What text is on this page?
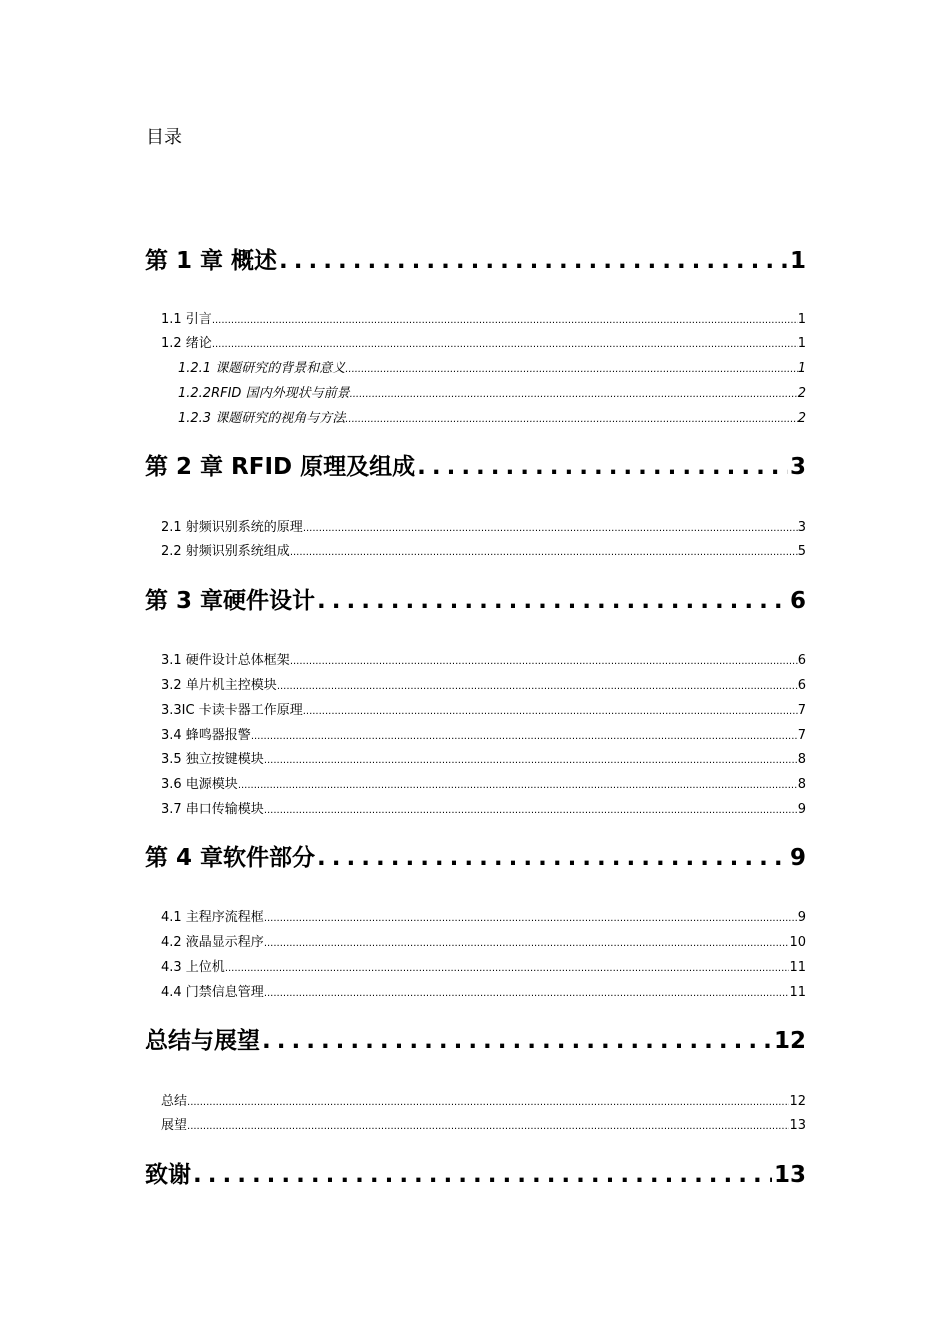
目录
第 1 章 概述 .....	1
1.1 引言 .....	1
1.2 绪论 .....	1
1.2.1 课题研究的背景和意义 .....	1
1.2.2RFID 国内外现状与前景 .....	2
1.2.3 课题研究的视角与方法 .....	2
第 2 章 RFID 原理及组成 .....	3
2.1 射频识别系统的原理 .....	3
2.2 射频识别系统组成 .....	5
第 3 章硬件设计 .....	6
3.1 硬件设计总体框架 .....	6
3.2 单片机主控模块 .....	6
3.3IC 卡读卡器工作原理 .....	7
3.4 蜂鸣器报警 .....	7
3.5 独立按键模块 .....	8
3.6 电源模块 .....	8
3.7 串口传输模块 .....	9
第 4 章软件部分 .....	9
4.1 主程序流程框 .....	9
4.2 液晶显示程序 .....	10
4.3 上位机 .....	11
4.4 门禁信息管理 .....	11
总结与展望 .....	12
总结 .....	12
展望 .....	13
致谢 .....	13
